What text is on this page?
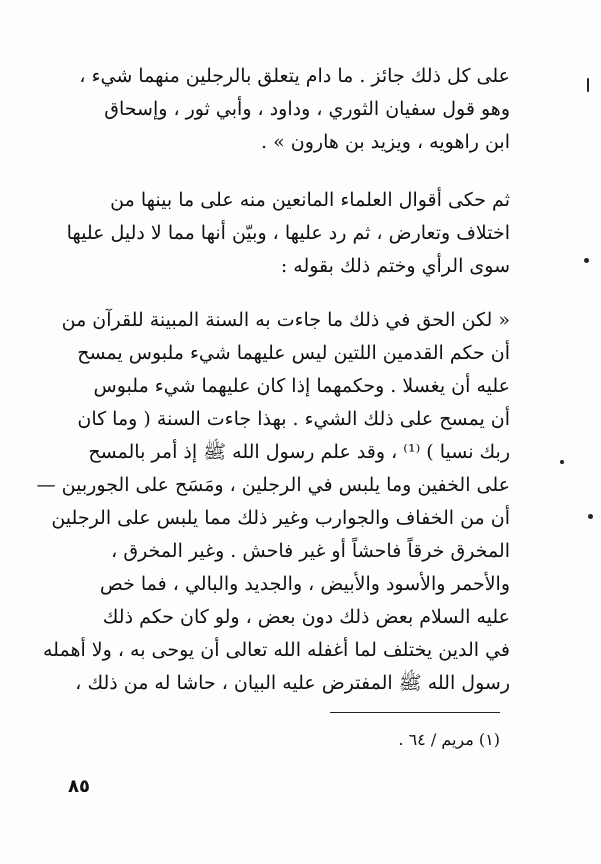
على كل ذلك جائز . ما دام يتعلق بالرجلين منهما شيء ،
وهو قول سفيان الثوري ، وداود ، وأبي ثور ، وإسحاق
ابن راهويه ، ويزيد بن هارون » .
ثم حكى أقوال العلماء المانعين منه على ما بينها من
اختلاف وتعارض ، ثم رد عليها ، وبيّن أنها مما لا دليل عليها
سوى الرأي وختم ذلك بقوله :
« لكن الحق في ذلك ما جاءت به السنة المبينة للقرآن من
أن حكم القدمين اللتين ليس عليهما شيء ملبوس يمسح
عليه أن يغسلا . وحكمهما إذا كان عليهما شيء ملبوس
أن يمسح على ذلك الشيء . بهذا جاءت السنة ( وما كان
ربك نسيا ) ⁽¹⁾ ، وقد علم رسول الله ﷺ إذ أمر بالمسح
على الخفين وما يلبس في الرجلين ، ومَسَح على الجوربين —
أن من الخفاف والجوارب وغير ذلك مما يلبس على الرجلين
المخرق خرقاً فاحشاً أو غير فاحش . وغير المخرق ،
والأحمر والأسود والأبيض ، والجديد والبالي ، فما خص
عليه السلام بعض ذلك دون بعض ، ولو كان حكم ذلك
في الدين يختلف لما أغفله الله تعالى أن يوحى به ، ولا أهمله
رسول الله ﷺ المفترض عليه البيان ، حاشا له من ذلك ،
(١) مريم / ٦٤ .
٨٥
